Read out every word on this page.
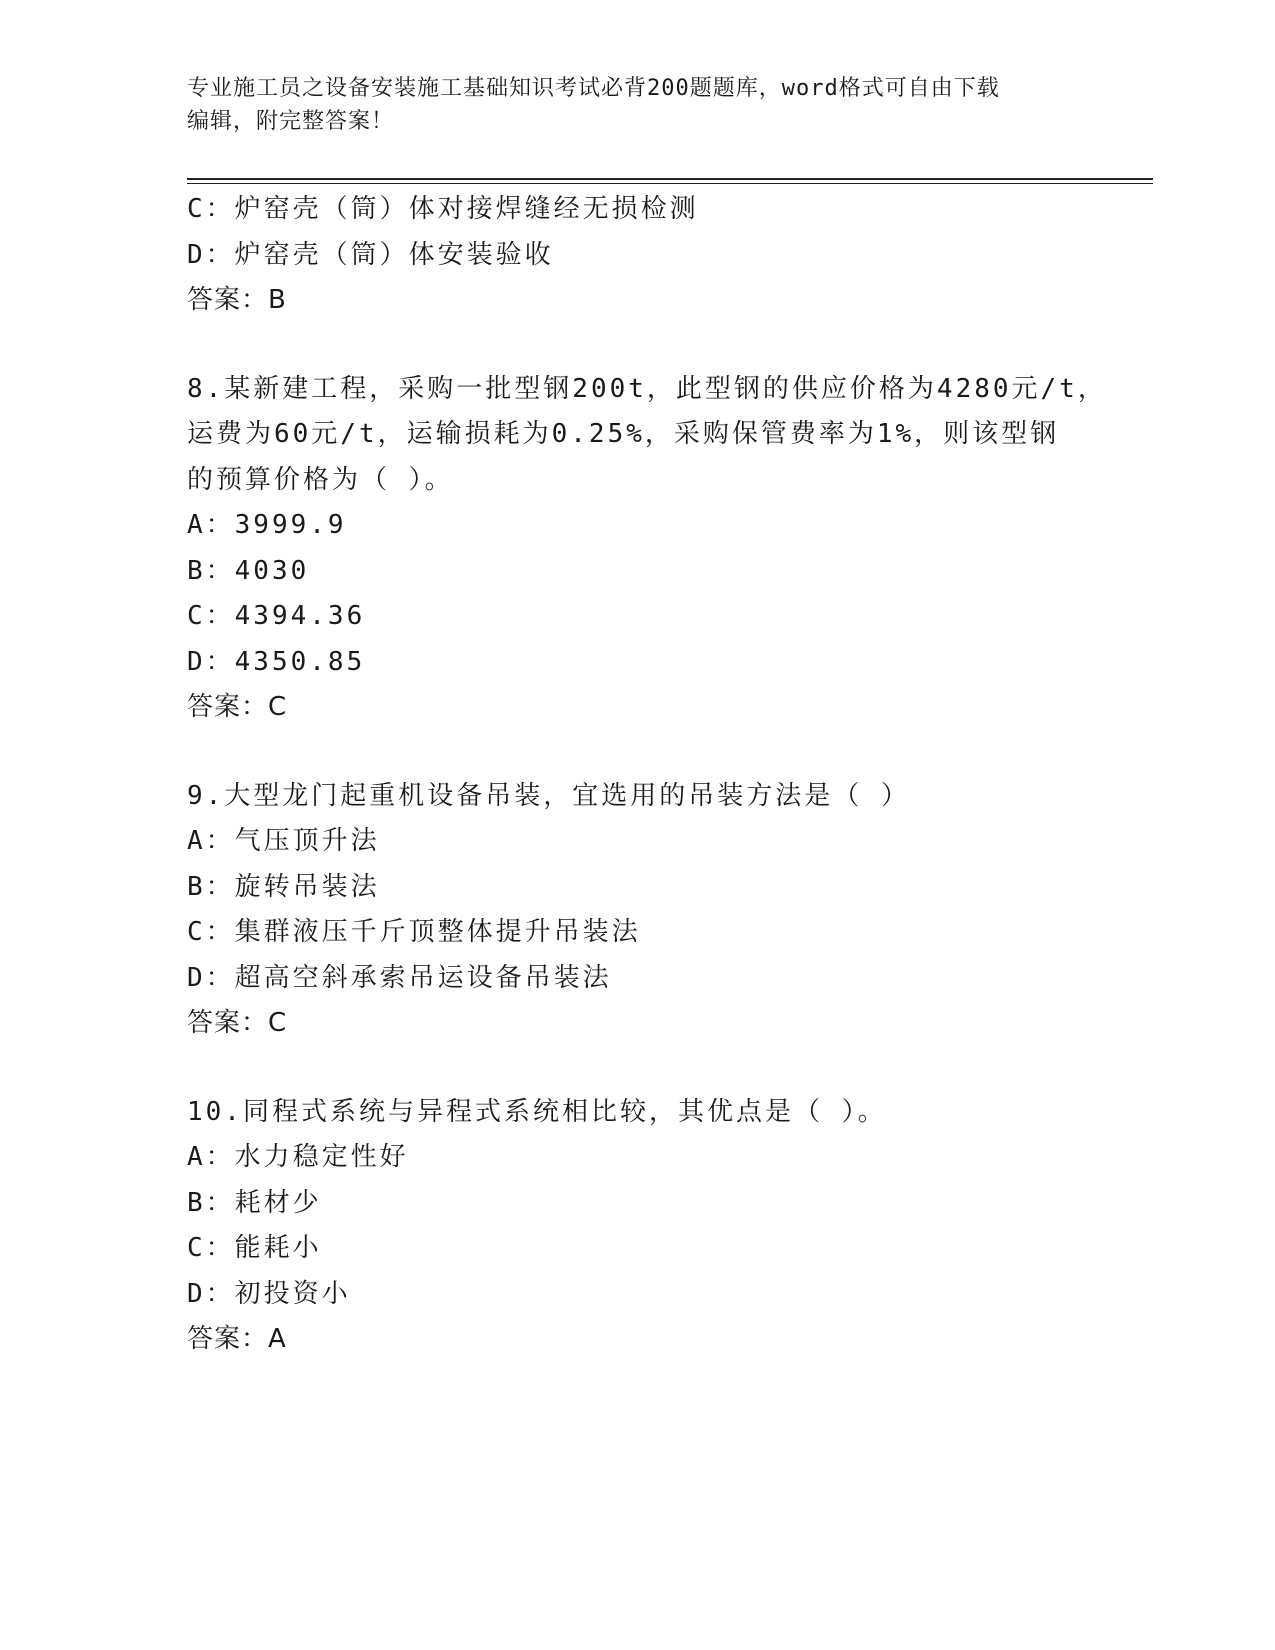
专业施工员之设备安装施工基础知识考试必背200题题库，word格式可自由下载
编辑，附完整答案！
C：炉窑壳（筒）体对接焊缝经无损检测
D：炉窑壳（筒）体安装验收
答案：B
8.某新建工程，采购一批型钢200t，此型钢的供应价格为4280元/t，
运费为60元/t，运输损耗为0.25%，采购保管费率为1%，则该型钢
的预算价格为（ ）。
A：3999.9
B：4030
C：4394.36
D：4350.85
答案：C
9.大型龙门起重机设备吊装，宜选用的吊装方法是（ ）
A：气压顶升法
B：旋转吊装法
C：集群液压千斤顶整体提升吊装法
D：超高空斜承索吊运设备吊装法
答案：C
10.同程式系统与异程式系统相比较，其优点是（ ）。
A：水力稳定性好
B：耗材少
C：能耗小
D：初投资小
答案：A
